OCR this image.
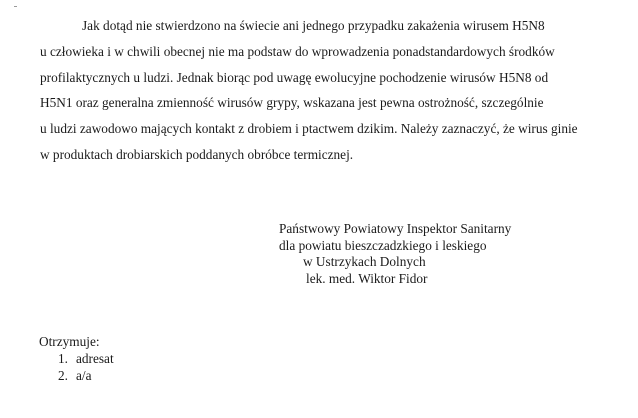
Jak dotąd nie stwierdzono na świecie ani jednego przypadku zakażenia wirusem H5N8
u człowieka i w chwili obecnej nie ma podstaw do wprowadzenia ponadstandardowych środków
profilaktycznych u ludzi. Jednak biorąc pod uwagę ewolucyjne pochodzenie wirusów H5N8 od
H5N1 oraz generalna zmienność wirusów grypy, wskazana jest pewna ostrożność, szczególnie
u ludzi zawodowo mających kontakt z drobiem i ptactwem dzikim. Należy zaznaczyć, że wirus ginie
w produktach drobiarskich poddanych obróbce termicznej.

Państwowy Powiatowy Inspektor Sanitarny
dla powiatu bieszczadzkiego i leskiego
w Ustrzykach Dolnych
lek. med. Wiktor Fidor
Otrzymuje:
1. adresat
2. a/a
